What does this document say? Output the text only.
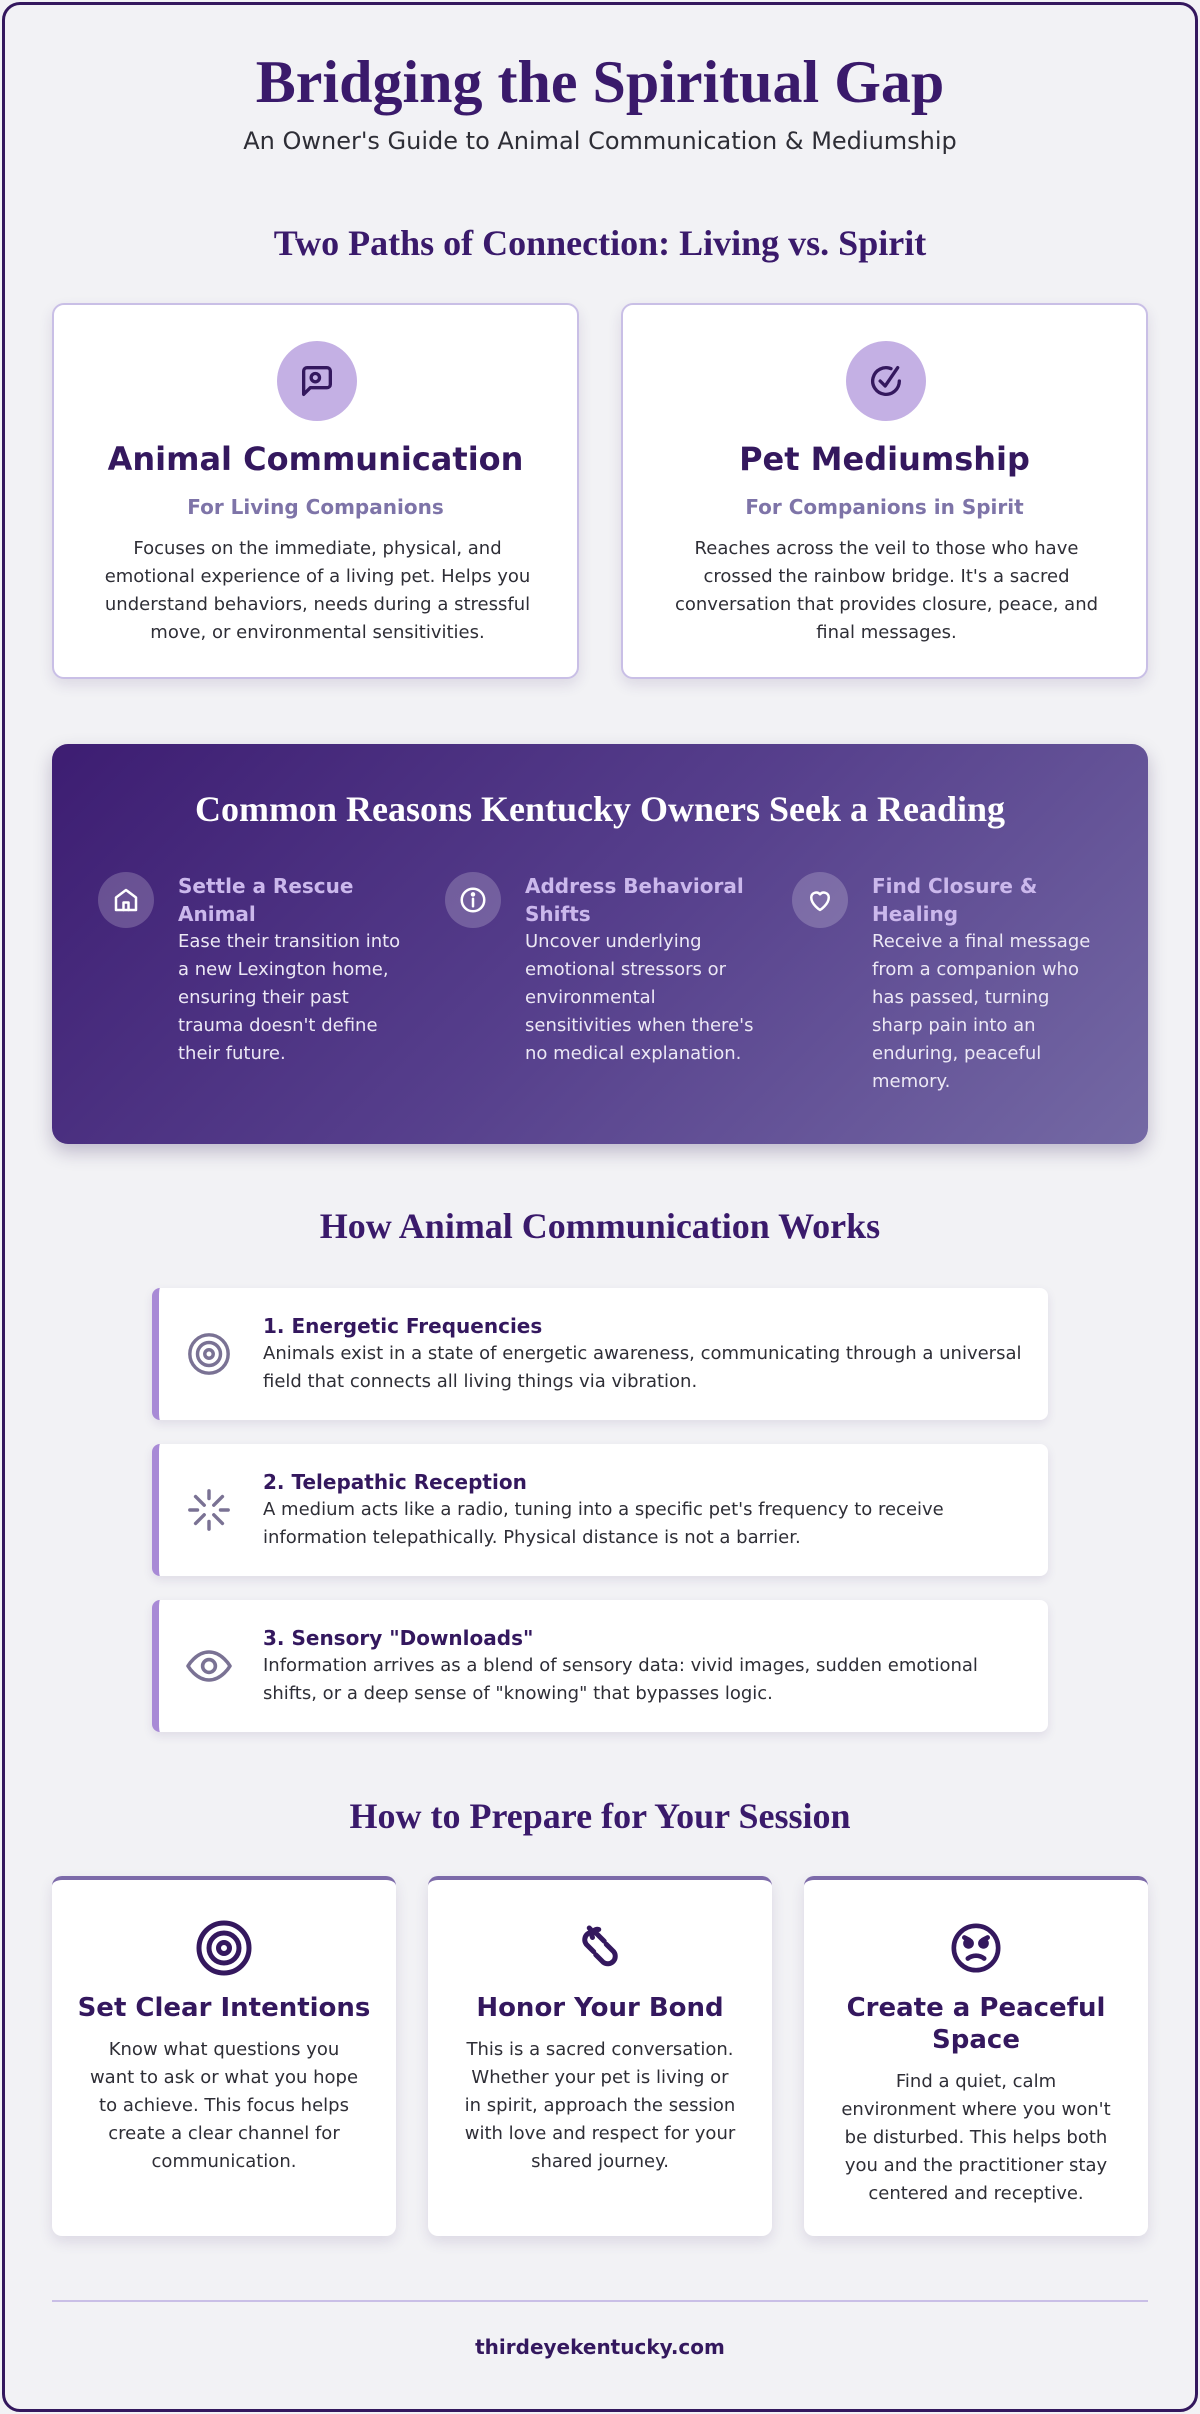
Bridging the Spiritual Gap
An Owner's Guide to Animal Communication & Mediumship
Two Paths of Connection: Living vs. Spirit
Animal Communication
For Living Companions
Focuses on the immediate, physical, and emotional experience of a living pet. Helps you understand behaviors, needs during a stressful move, or environmental sensitivities.
Pet Mediumship
For Companions in Spirit
Reaches across the veil to those who have crossed the rainbow bridge. It's a sacred conversation that provides closure, peace, and final messages.
Common Reasons Kentucky Owners Seek a Reading
Settle a Rescue Animal
Ease their transition into a new Lexington home, ensuring their past trauma doesn't define their future.
Address Behavioral Shifts
Uncover underlying emotional stressors or environmental sensitivities when there's no medical explanation.
Find Closure & Healing
Receive a final message from a companion who has passed, turning sharp pain into an enduring, peaceful memory.
How Animal Communication Works
1. Energetic Frequencies
Animals exist in a state of energetic awareness, communicating through a universal field that connects all living things via vibration.
2. Telepathic Reception
A medium acts like a radio, tuning into a specific pet's frequency to receive information telepathically. Physical distance is not a barrier.
3. Sensory "Downloads"
Information arrives as a blend of sensory data: vivid images, sudden emotional shifts, or a deep sense of "knowing" that bypasses logic.
How to Prepare for Your Session
Set Clear Intentions
Know what questions you want to ask or what you hope to achieve. This focus helps create a clear channel for communication.
Honor Your Bond
This is a sacred conversation. Whether your pet is living or in spirit, approach the session with love and respect for your shared journey.
Create a Peaceful Space
Find a quiet, calm environment where you won't be disturbed. This helps both you and the practitioner stay centered and receptive.
thirdeyekentucky.com
